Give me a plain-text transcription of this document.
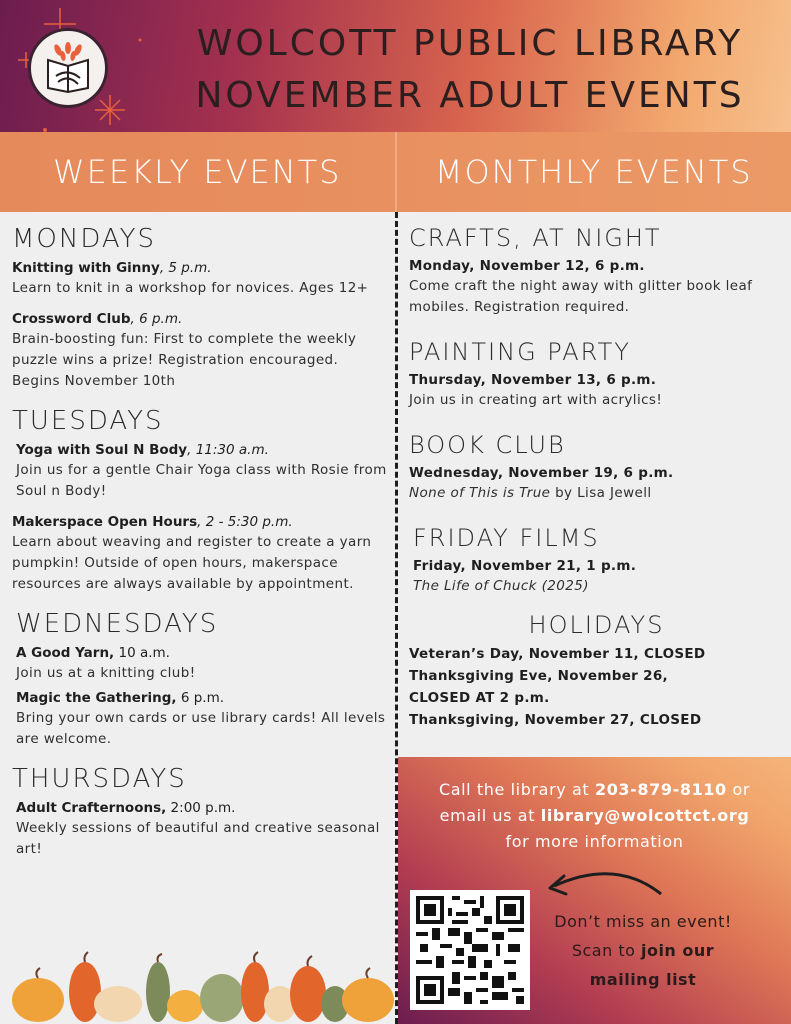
WOLCOTT PUBLIC LIBRARY
NOVEMBER ADULT EVENTS
WEEKLY EVENTS	MONTHLY EVENTS
MONDAYS
Knitting with Ginny, 5 p.m.
Learn to knit in a workshop for novices. Ages 12+
Crossword Club, 6 p.m.
Brain-boosting fun: First to complete the weekly puzzle wins a prize! Registration encouraged. Begins November 10th
TUESDAYS
Yoga with Soul N Body, 11:30 a.m.
Join us for a gentle Chair Yoga class with Rosie from Soul n Body!
Makerspace Open Hours, 2 - 5:30 p.m.
Learn about weaving and register to create a yarn pumpkin! Outside of open hours, makerspace resources are always available by appointment.
WEDNESDAYS
A Good Yarn, 10 a.m.
Join us at a knitting club!
Magic the Gathering, 6 p.m.
Bring your own cards or use library cards! All levels are welcome.
THURSDAYS
Adult Crafternoons, 2:00 p.m.
Weekly sessions of beautiful and creative seasonal art!
CRAFTS, AT NIGHT
Monday, November 12, 6 p.m.
Come craft the night away with glitter book leaf mobiles. Registration required.
PAINTING PARTY
Thursday, November 13, 6 p.m.
Join us in creating art with acrylics!
BOOK CLUB
Wednesday, November 19, 6 p.m.
None of This is True by Lisa Jewell
FRIDAY FILMS
Friday, November 21, 1 p.m.
The Life of Chuck (2025)
HOLIDAYS
Veteran’s Day, November 11, CLOSED
Thanksgiving Eve, November 26,
CLOSED AT 2 p.m.
Thanksgiving, November 27, CLOSED
Call the library at 203-879-8110 or
email us at library@wolcottct.org
for more information
Don’t miss an event!
Scan to join our
mailing list
